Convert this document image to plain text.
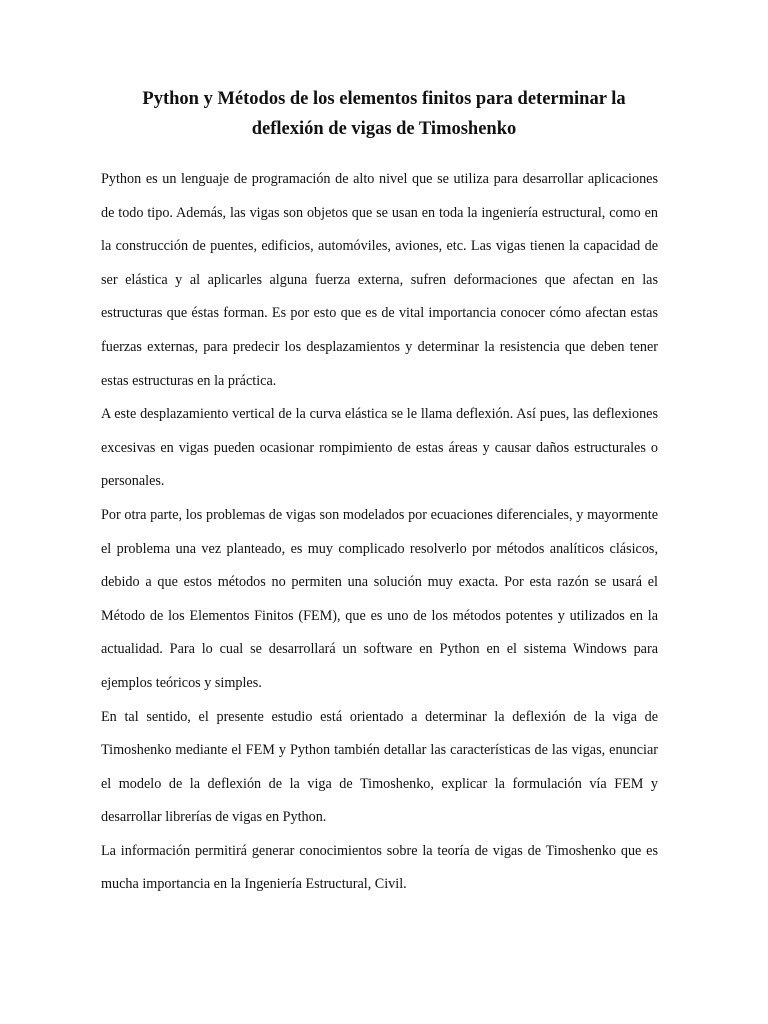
Python y Métodos de los elementos finitos para determinar la
deflexión de vigas de Timoshenko

Python es un lenguaje de programación de alto nivel que se utiliza para desarrollar aplicaciones de todo tipo. Además, las vigas son objetos que se usan en toda la ingeniería estructural, como en la construcción de puentes, edificios, automóviles, aviones, etc. Las vigas tienen la capacidad de ser elástica y al aplicarles alguna fuerza externa, sufren deformaciones que afectan en las estructuras que éstas forman. Es por esto que es de vital importancia conocer cómo afectan estas fuerzas externas, para predecir los desplazamientos y determinar la resistencia que deben tener estas estructuras en la práctica.

A este desplazamiento vertical de la curva elástica se le llama deflexión. Así pues, las deflexiones excesivas en vigas pueden ocasionar rompimiento de estas áreas y causar daños estructurales o personales.

Por otra parte, los problemas de vigas son modelados por ecuaciones diferenciales, y mayormente el problema una vez planteado, es muy complicado resolverlo por métodos analíticos clásicos, debido a que estos métodos no permiten una solución muy exacta. Por esta razón se usará el Método de los Elementos Finitos (FEM), que es uno de los métodos potentes y utilizados en la actualidad. Para lo cual se desarrollará un software en Python en el sistema Windows para ejemplos teóricos y simples.

En tal sentido, el presente estudio está orientado a determinar la deflexión de la viga de Timoshenko mediante el FEM y Python también detallar las características de las vigas, enunciar el modelo de la deflexión de la viga de Timoshenko, explicar la formulación vía FEM y desarrollar librerías de vigas en Python.

La información permitirá generar conocimientos sobre la teoría de vigas de Timoshenko que es mucha importancia en la Ingeniería Estructural, Civil.
